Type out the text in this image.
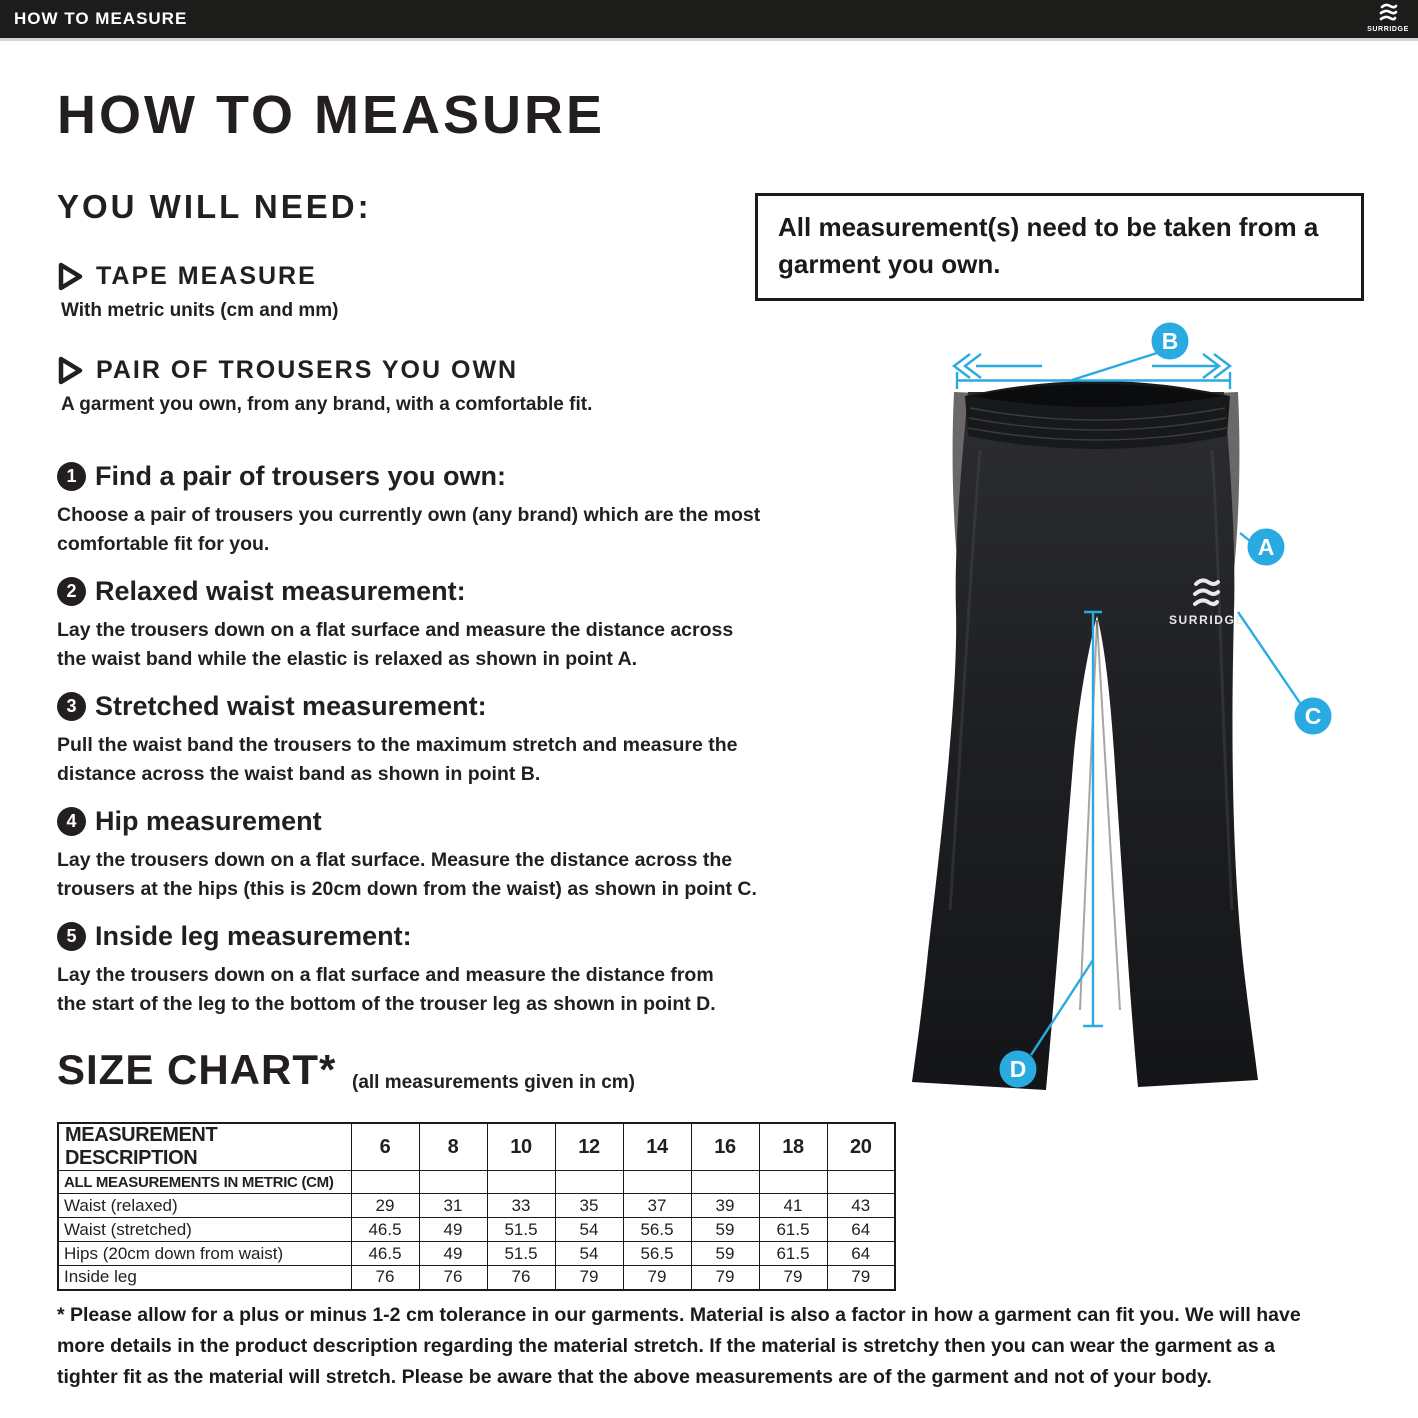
HOW TO MEASURE
SURRIDGE
HOW TO MEASURE
YOU WILL NEED:
TAPE MEASURE
With metric units (cm and mm)
PAIR OF TROUSERS YOU OWN
A garment you own, from any brand, with a comfortable fit.
All measurement(s) need to be taken from a garment you own.
1 Find a pair of trousers you own:
Choose a pair of trousers you currently own (any brand) which are the most
comfortable fit for you.
2 Relaxed waist measurement:
Lay the trousers down on a flat surface and measure the distance across
the waist band while the elastic is relaxed as shown in point A.
3 Stretched waist measurement:
Pull the waist band the trousers to the maximum stretch and measure the
distance across the waist band as shown in point B.
4 Hip measurement
Lay the trousers down on a flat surface. Measure the distance across the
trousers at the hips (this is 20cm down from the waist) as shown in point C.
5 Inside leg measurement:
Lay the trousers down on a flat surface and measure the distance from
the start of the leg to the bottom of the trouser leg as shown in point D.
SURRIDGE
B
A
C
D
SIZE CHART* (all measurements given in cm)
MEASUREMENT DESCRIPTION	6	8	10	12	14	16	18	20
ALL MEASUREMENTS IN METRIC (CM)								
Waist (relaxed)	29	31	33	35	37	39	41	43
Waist (stretched)	46.5	49	51.5	54	56.5	59	61.5	64
Hips (20cm down from waist)	46.5	49	51.5	54	56.5	59	61.5	64
Inside leg	76	76	76	79	79	79	79	79
* Please allow for a plus or minus 1-2 cm tolerance in our garments. Material is also a factor in how a garment can fit you. We will have
more details in the product description regarding the material stretch. If the material is stretchy then you can wear the garment as a
tighter fit as the material will stretch. Please be aware that the above measurements are of the garment and not of your body.
